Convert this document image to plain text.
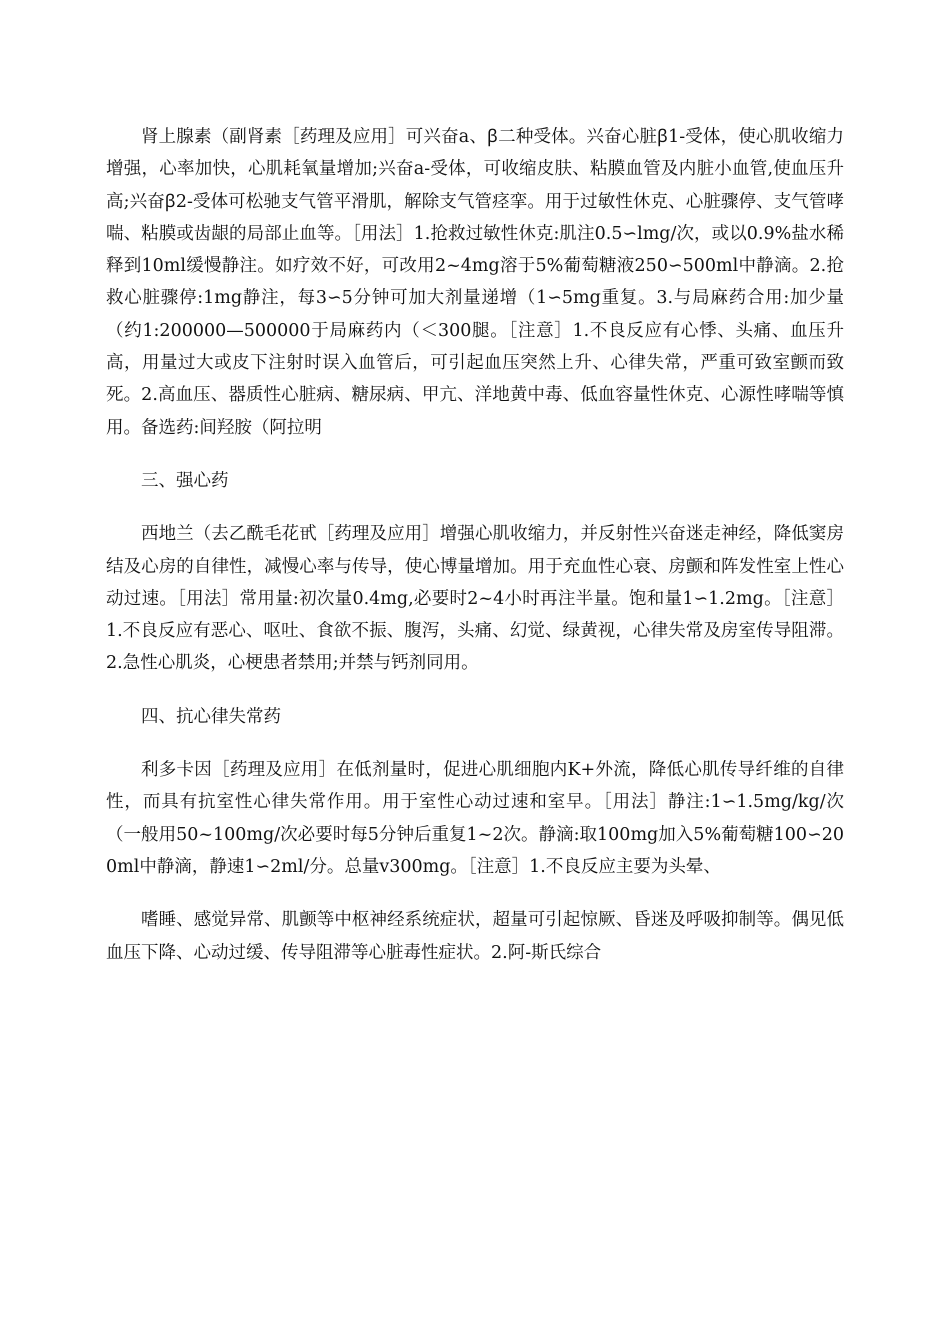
肾上腺素（副肾素［药理及应用］可兴奋a、ꞵ二种受体。兴奋心脏ꞵ1-受体，使心肌收缩力增强，心率加快，心肌耗氧量增加;兴奋a-受体，可收缩皮肤、粘膜血管及内脏小血管,使血压升高;兴奋ꞵ2-受体可松驰支气管平滑肌，解除支气管痉挛。用于过敏性休克、心脏骤停、支气管哮喘、粘膜或齿龈的局部止血等。［用法］1.抢救过敏性休克:肌注0.5∽lmg/次，或以0.9%盐水稀释到10ml缓慢静注。如疗效不好，可改用2~4mg溶于5%葡萄糖液250∽500ml中静滴。2.抢救心脏骤停:1mg静注，每3∽5分钟可加大剂量递增（1∽5mg重复。3.与局麻药合用:加少量（约1:200000—500000于局麻药内（＜300腿。［注意］1.不良反应有心悸、头痛、血压升高，用量过大或皮下注射时误入血管后，可引起血压突然上升、心律失常，严重可致室颤而致死。2.高血压、器质性心脏病、糖尿病、甲亢、洋地黄中毒、低血容量性休克、心源性哮喘等慎用。备选药:间羟胺（阿拉明

三、强心药

西地兰（去乙酰毛花甙［药理及应用］增强心肌收缩力，并反射性兴奋迷走神经，降低窦房结及心房的自律性，减慢心率与传导，使心博量增加。用于充血性心衰、房颤和阵发性室上性心动过速。［用法］常用量:初次量0.4mg,必要时2~4小时再注半量。饱和量1∽1.2mg。［注意］1.不良反应有恶心、呕吐、食欲不振、腹泻，头痛、幻觉、绿黄视，心律失常及房室传导阻滞。2.急性心肌炎，心梗患者禁用;并禁与钙剂同用。

四、抗心律失常药

利多卡因［药理及应用］在低剂量时，促进心肌细胞内K+外流，降低心肌传导纤维的自律性，而具有抗室性心律失常作用。用于室性心动过速和室早。［用法］静注:1∽1.5mg/kg/次（一般用50~100mg/次必要时每5分钟后重复1~2次。静滴:取100mg加入5%葡萄糖100∽200ml中静滴，静速1∽2ml/分。总量v300mg。［注意］1.不良反应主要为头晕、

嗜睡、感觉异常、肌颤等中枢神经系统症状，超量可引起惊厥、昏迷及呼吸抑制等。偶见低血压下降、心动过缓、传导阻滞等心脏毒性症状。2.阿-斯氏综合
